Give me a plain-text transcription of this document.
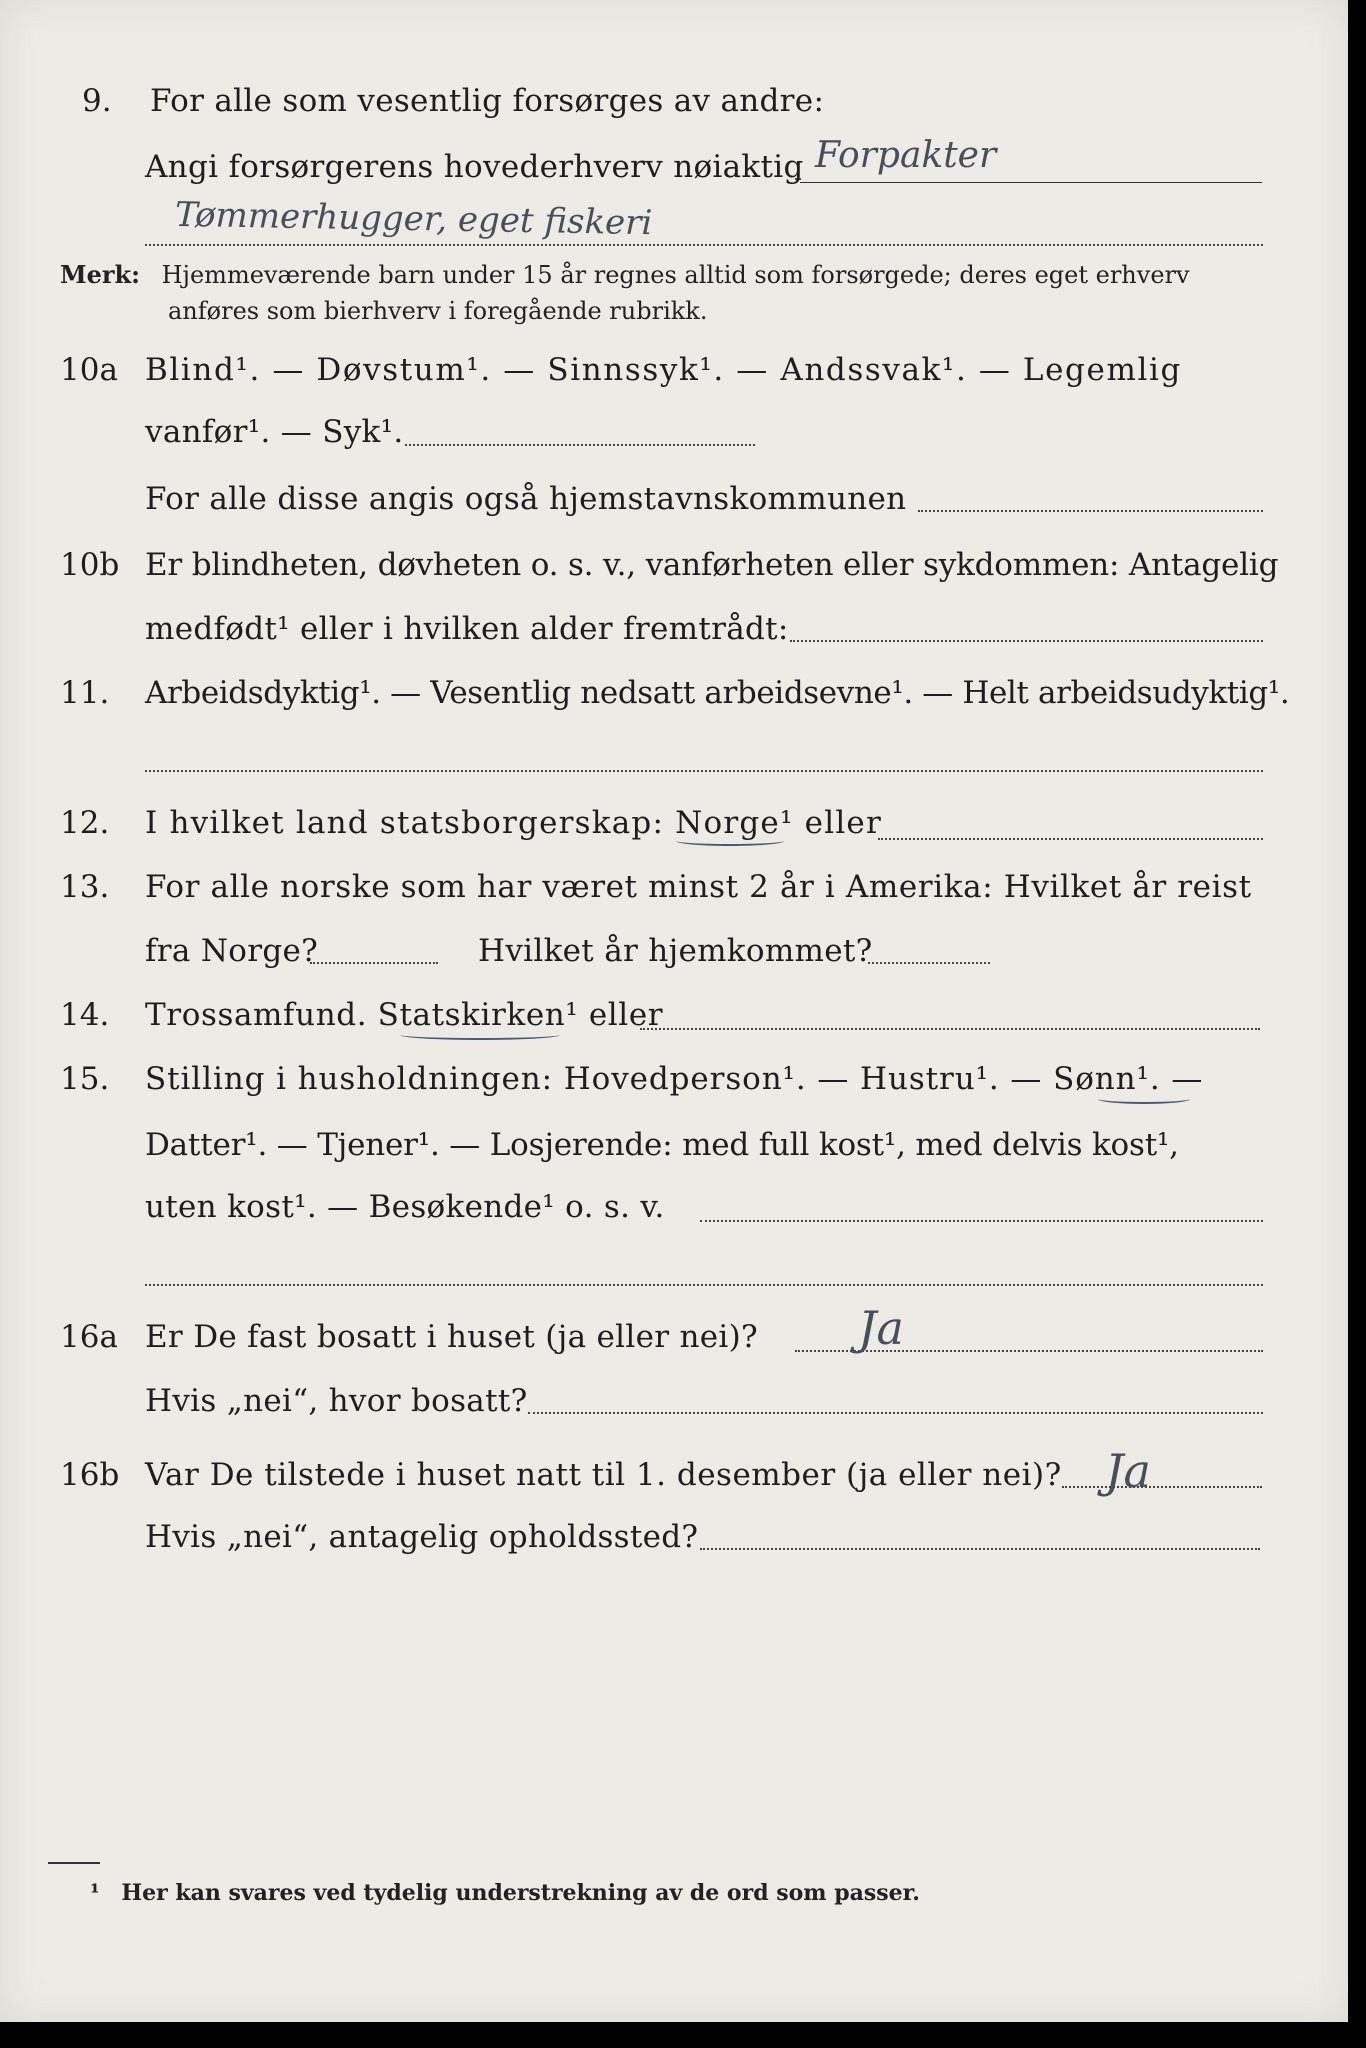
9. For alle som vesentlig forsørges av andre:
Angi forsørgerens hovederhverv nøiaktig Forpakter
Tømmerhugger, eget fiskeri
Merk: Hjemmeværende barn under 15 år regnes alltid som forsørgede; deres eget erhverv
anføres som bierhverv i foregående rubrikk.
10a Blind¹. — Døvstum¹. — Sinnssyk¹. — Andssvak¹. — Legemlig
vanfør¹. — Syk¹.
For alle disse angis også hjemstavnskommunen
10b Er blindheten, døvheten o. s. v., vanførheten eller sykdommen: Antagelig
medfødt¹ eller i hvilken alder fremtrådt:
11. Arbeidsdyktig¹. — Vesentlig nedsatt arbeidsevne¹. — Helt arbeidsudyktig¹.
12. I hvilket land statsborgerskap: Norge¹ eller
13. For alle norske som har været minst 2 år i Amerika: Hvilket år reist
fra Norge?	Hvilket år hjemkommet?
14. Trossamfund. Statskirken¹ eller
15. Stilling i husholdningen: Hovedperson¹. — Hustru¹. — Sønn¹. —
Datter¹. — Tjener¹. — Losjerende: med full kost¹, med delvis kost¹,
uten kost¹. — Besøkende¹ o. s. v.
16a Er De fast bosatt i huset (ja eller nei)? Ja
Hvis „nei“, hvor bosatt?
16b Var De tilstede i huset natt til 1. desember (ja eller nei)? Ja
Hvis „nei“, antagelig opholdssted?
¹ Her kan svares ved tydelig understrekning av de ord som passer.
